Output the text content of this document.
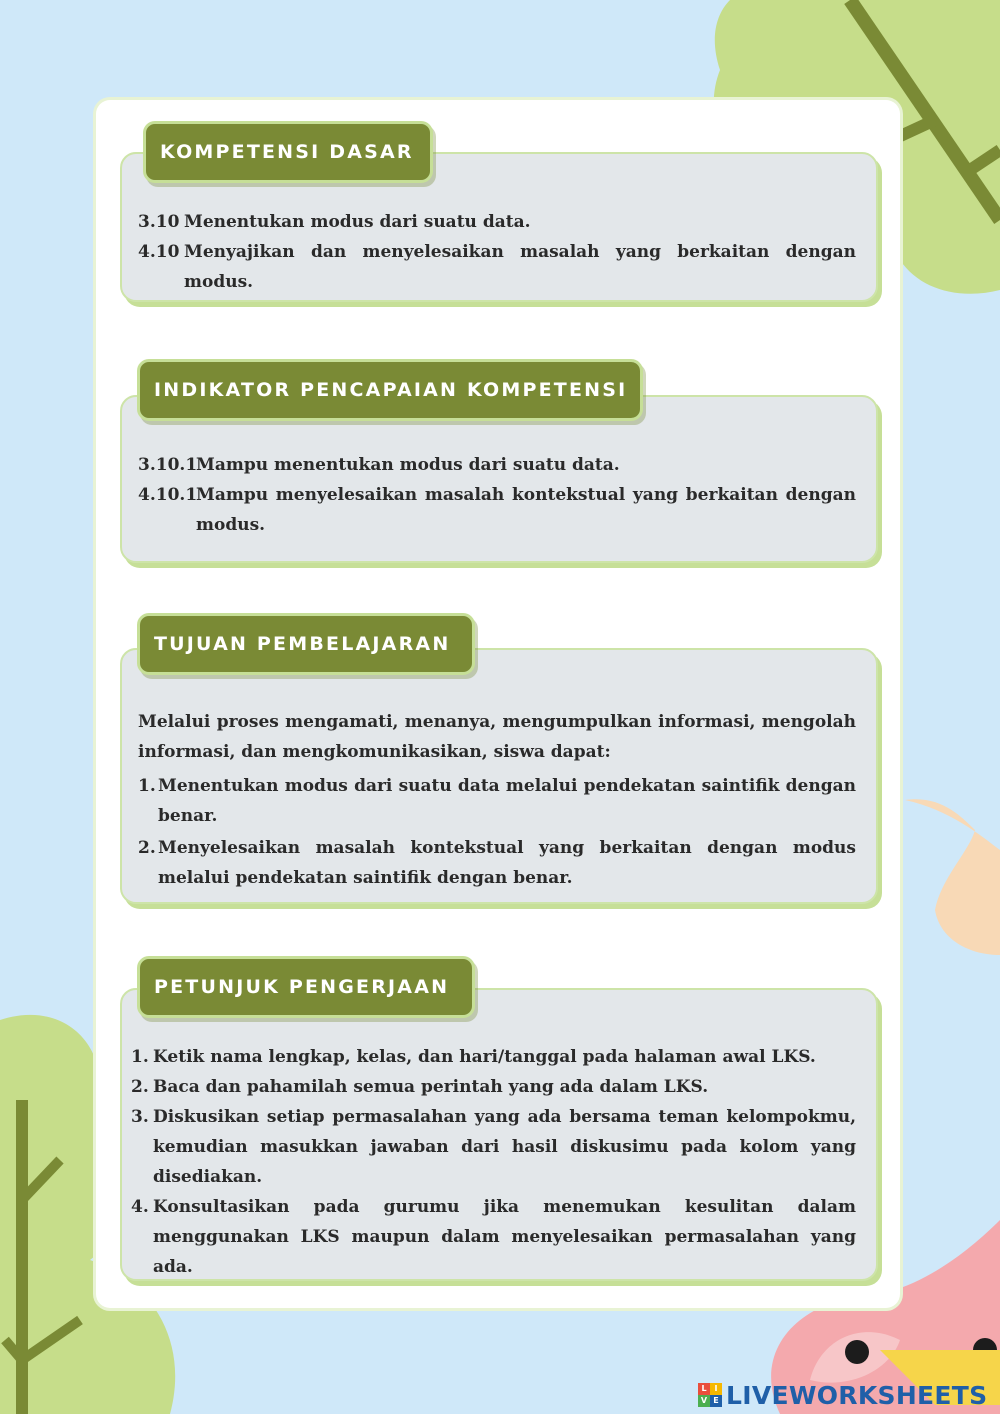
KOMPETENSI DASAR
3.10 Menentukan modus dari suatu data.
4.10 Menyajikan dan menyelesaikan masalah yang berkaitan dengan modus.
INDIKATOR PENCAPAIAN KOMPETENSI
3.10.1
Mampu menentukan modus dari suatu data.
4.10.1
Mampu menyelesaikan masalah kontekstual yang berkaitan dengan modus.
TUJUAN PEMBELAJARAN
Melalui proses mengamati, menanya, mengumpulkan informasi, mengolah informasi, dan mengkomunikasikan, siswa dapat:
1. Menentukan modus dari suatu data melalui pendekatan saintifik dengan benar.
2. Menyelesaikan masalah kontekstual yang berkaitan dengan modus melalui pendekatan saintifik dengan benar.
PETUNJUK PENGERJAAN
1. Ketik nama lengkap, kelas, dan hari/tanggal pada halaman awal LKS.
2. Baca dan pahamilah semua perintah yang ada dalam LKS.
3. Diskusikan setiap permasalahan yang ada bersama teman kelompokmu, kemudian masukkan jawaban dari hasil diskusimu pada kolom yang disediakan.
4. Konsultasikan pada gurumu jika menemukan kesulitan dalam menggunakan LKS maupun dalam menyelesaikan permasalahan yang ada.
L I
V E LIVEWORKSHEETS
